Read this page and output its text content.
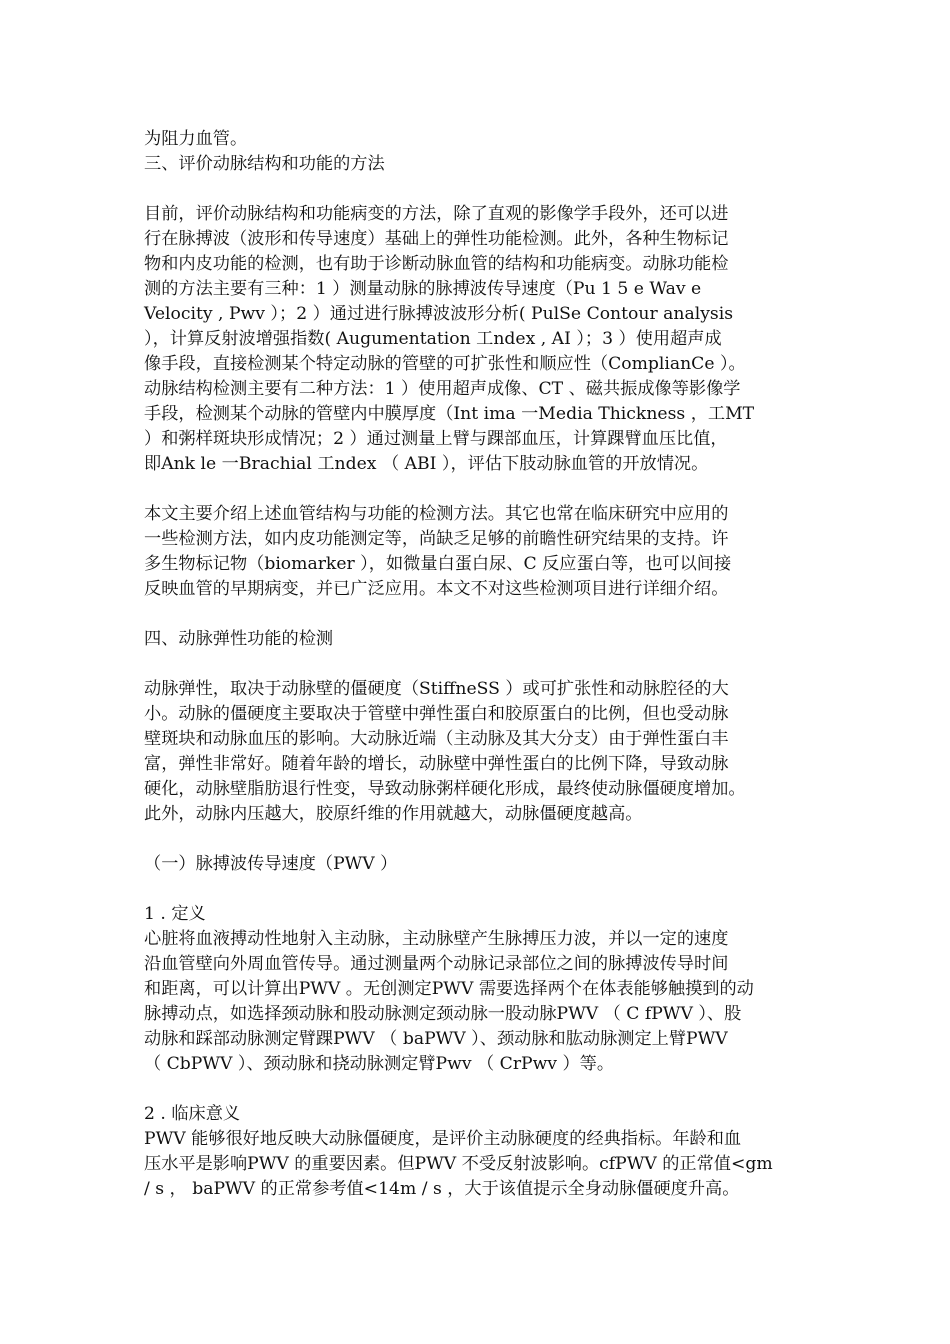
为阻力血管。
三、评价动脉结构和功能的方法
目前，评价动脉结构和功能病变的方法，除了直观的影像学手段外，还可以进
行在脉搏波（波形和传导速度）基础上的弹性功能检测。此外，各种生物标记
物和内皮功能的检测，也有助于诊断动脉血管的结构和功能病变。动脉功能检
测的方法主要有三种：1 ）测量动脉的脉搏波传导速度（Pu 1 5 e Wav e
Velocity , Pwv ）；2 ）通过进行脉搏波波形分析( PulSe Contour analysis
），计算反射波增强指数( Augumentation 工ndex , AI ）；3 ）使用超声成
像手段，直接检测某个特定动脉的管壁的可扩张性和顺应性（ComplianCe ）。
动脉结构检测主要有二种方法：1 ）使用超声成像、CT 、磁共振成像等影像学
手段，检测某个动脉的管壁内中膜厚度（Int ima 一Media Thickness ，工MT
）和粥样斑块形成情况；2 ）通过测量上臂与踝部血压，计算踝臂血压比值，
即Ank le 一Brachial 工ndex （ ABI ），评估下肢动脉血管的开放情况。
本文主要介绍上述血管结构与功能的检测方法。其它也常在临床研究中应用的
一些检测方法，如内皮功能测定等，尚缺乏足够的前瞻性研究结果的支持。许
多生物标记物（biomarker ），如微量白蛋白尿、C 反应蛋白等，也可以间接
反映血管的早期病变，并已广泛应用。本文不对这些检测项目进行详细介绍。
四、动脉弹性功能的检测
动脉弹性，取决于动脉壁的僵硬度（StiffneSS ）或可扩张性和动脉腔径的大
小。动脉的僵硬度主要取决于管壁中弹性蛋白和胶原蛋白的比例，但也受动脉
壁斑块和动脉血压的影响。大动脉近端（主动脉及其大分支）由于弹性蛋白丰
富，弹性非常好。随着年龄的增长，动脉壁中弹性蛋白的比例下降，导致动脉
硬化，动脉壁脂肪退行性变，导致动脉粥样硬化形成，最终使动脉僵硬度增加。
此外，动脉内压越大，胶原纤维的作用就越大，动脉僵硬度越高。
（一）脉搏波传导速度（PWV ）
1 . 定义
心脏将血液搏动性地射入主动脉，主动脉壁产生脉搏压力波，并以一定的速度
沿血管壁向外周血管传导。通过测量两个动脉记录部位之间的脉搏波传导时间
和距离，可以计算出PWV 。无创测定PWV 需要选择两个在体表能够触摸到的动
脉搏动点，如选择颈动脉和股动脉测定颈动脉一股动脉PWV （ C fPWV ）、股
动脉和踩部动脉测定臂踝PWV （ baPWV ）、颈动脉和肱动脉测定上臂PWV
（ CbPWV ）、颈动脉和挠动脉测定臂Pwv （ CrPwv ）等。
2 . 临床意义
PWV 能够很好地反映大动脉僵硬度，是评价主动脉硬度的经典指标。年龄和血
压水平是影响PWV 的重要因素。但PWV 不受反射波影响。cfPWV 的正常值<gm
/ s ， baPWV 的正常参考值<14m / s ，大于该值提示全身动脉僵硬度升高。
